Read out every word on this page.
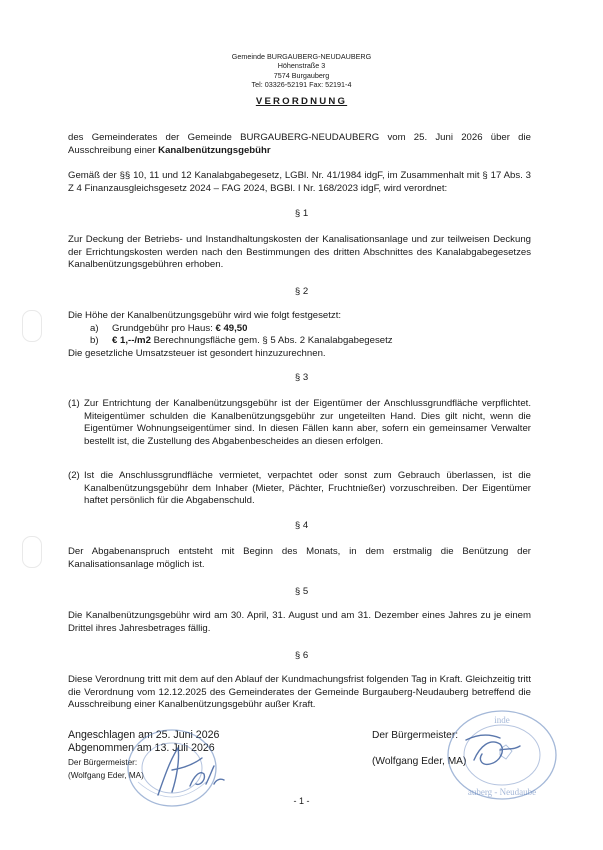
Gemeinde BURGAUBERG-NEUDAUBERG
Höhenstraße 3
7574 Burgauberg
Tel: 03326-52191 Fax: 52191-4
VERORDNUNG
des Gemeinderates der Gemeinde BURGAUBERG-NEUDAUBERG vom 25. Juni 2026 über die Ausschreibung einer Kanalbenützungsgebühr
Gemäß der §§ 10, 11 und 12 Kanalabgabegesetz, LGBl. Nr. 41/1984 idgF, im Zusammenhalt mit § 17 Abs. 3 Z 4 Finanzausgleichsgesetz 2024 – FAG 2024, BGBl. I Nr. 168/2023 idgF, wird verordnet:
§ 1
Zur Deckung der Betriebs- und Instandhaltungskosten der Kanalisationsanlage und zur teilweisen Deckung der Errichtungskosten werden nach den Bestimmungen des dritten Abschnittes des Kanalabgabegesetzes Kanalbenützungsgebühren erhoben.
§ 2
Die Höhe der Kanalbenützungsgebühr wird wie folgt festgesetzt:
a) Grundgebühr pro Haus: € 49,50
b) € 1,--/m2 Berechnungsfläche gem. § 5 Abs. 2 Kanalabgabegesetz
Die gesetzliche Umsatzsteuer ist gesondert hinzuzurechnen.
§ 3
(1) Zur Entrichtung der Kanalbenützungsgebühr ist der Eigentümer der Anschlussgrundfläche verpflichtet. Miteigentümer schulden die Kanalbenützungsgebühr zur ungeteilten Hand. Dies gilt nicht, wenn die Eigentümer Wohnungseigentümer sind. In diesen Fällen kann aber, sofern ein gemeinsamer Verwalter bestellt ist, die Zustellung des Abgabenbescheides an diesen erfolgen.
(2) Ist die Anschlussgrundfläche vermietet, verpachtet oder sonst zum Gebrauch überlassen, ist die Kanalbenützungsgebühr dem Inhaber (Mieter, Pächter, Fruchtnießer) vorzuschreiben. Der Eigentümer haftet persönlich für die Abgabenschuld.
§ 4
Der Abgabenanspruch entsteht mit Beginn des Monats, in dem erstmalig die Benützung der Kanalisationsanlage möglich ist.
§ 5
Die Kanalbenützungsgebühr wird am 30. April, 31. August und am 31. Dezember eines Jahres zu je einem Drittel ihres Jahresbetrages fällig.
§ 6
Diese Verordnung tritt mit dem auf den Ablauf der Kundmachungsfrist folgenden Tag in Kraft. Gleichzeitig tritt die Verordnung vom 12.12.2025 des Gemeinderates der Gemeinde Burgauberg-Neudauberg betreffend die Ausschreibung einer Kanalbenützungsgebühr außer Kraft.
Angeschlagen am 25. Juni 2026
Abgenommen am 13. Juli 2026
Der Bürgermeister:
(Wolfgang Eder, MA)
Der Bürgermeister:
(Wolfgang Eder, MA)
inde
auberg - Neudaube
- 1 -
